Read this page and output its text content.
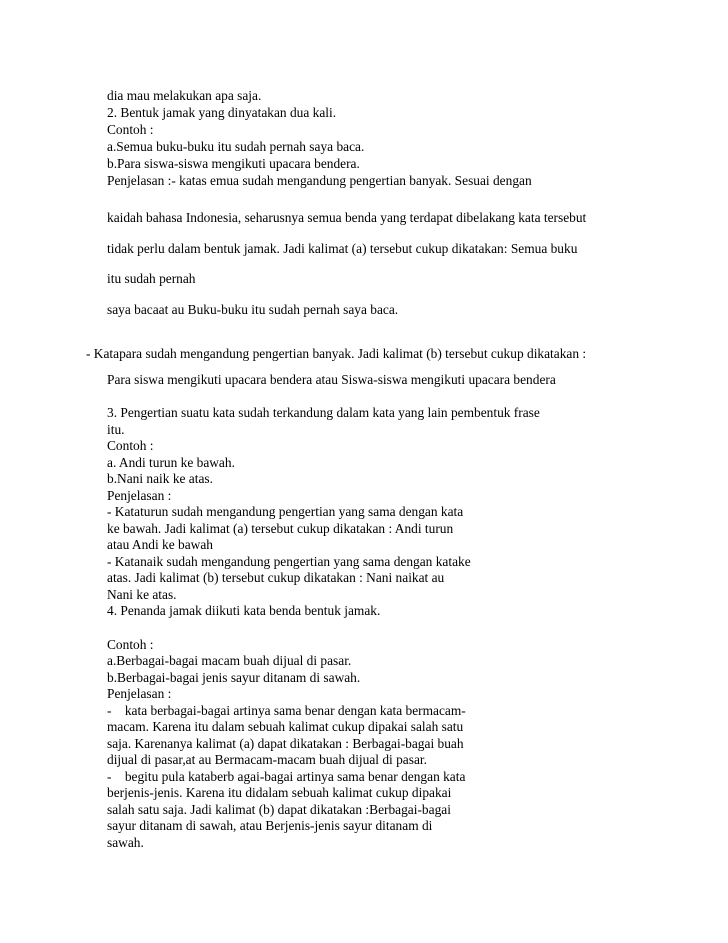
dia mau melakukan apa saja.
2. Bentuk jamak yang dinyatakan dua kali.
Contoh :
a.Semua buku-buku itu sudah pernah saya baca.
b.Para siswa-siswa mengikuti upacara bendera.
Penjelasan :- katas emua sudah mengandung pengertian banyak. Sesuai dengan
kaidah bahasa Indonesia, seharusnya semua benda yang terdapat dibelakang kata tersebut
tidak perlu dalam bentuk jamak. Jadi kalimat (a) tersebut cukup dikatakan: Semua buku
itu sudah pernah
saya bacaat au Buku-buku itu sudah pernah saya baca.
- Katapara sudah mengandung pengertian banyak. Jadi kalimat (b) tersebut cukup dikatakan :
Para siswa mengikuti upacara bendera atau Siswa-siswa mengikuti upacara bendera
3. Pengertian suatu kata sudah terkandung dalam kata yang lain pembentuk frase
itu.
Contoh :
a. Andi turun ke bawah.
b.Nani naik ke atas.
Penjelasan :
- Kataturun sudah mengandung pengertian yang sama dengan kata
ke bawah. Jadi kalimat (a) tersebut cukup dikatakan : Andi turun
atau Andi ke bawah
- Katanaik sudah mengandung pengertian yang sama dengan katake
atas. Jadi kalimat (b) tersebut cukup dikatakan : Nani naikat au
Nani ke atas.
4. Penanda jamak diikuti kata benda bentuk jamak.
Contoh :
a.Berbagai-bagai macam buah dijual di pasar.
b.Berbagai-bagai jenis sayur ditanam di sawah.
Penjelasan :
-    kata berbagai-bagai artinya sama benar dengan kata bermacam-
macam. Karena itu dalam sebuah kalimat cukup dipakai salah satu
saja. Karenanya kalimat (a) dapat dikatakan : Berbagai-bagai buah
dijual di pasar,at au Bermacam-macam buah dijual di pasar.
-    begitu pula kataberb agai-bagai artinya sama benar dengan kata
berjenis-jenis. Karena itu didalam sebuah kalimat cukup dipakai
salah satu saja. Jadi kalimat (b) dapat dikatakan :Berbagai-bagai
sayur ditanam di sawah, atau Berjenis-jenis sayur ditanam di
sawah.
